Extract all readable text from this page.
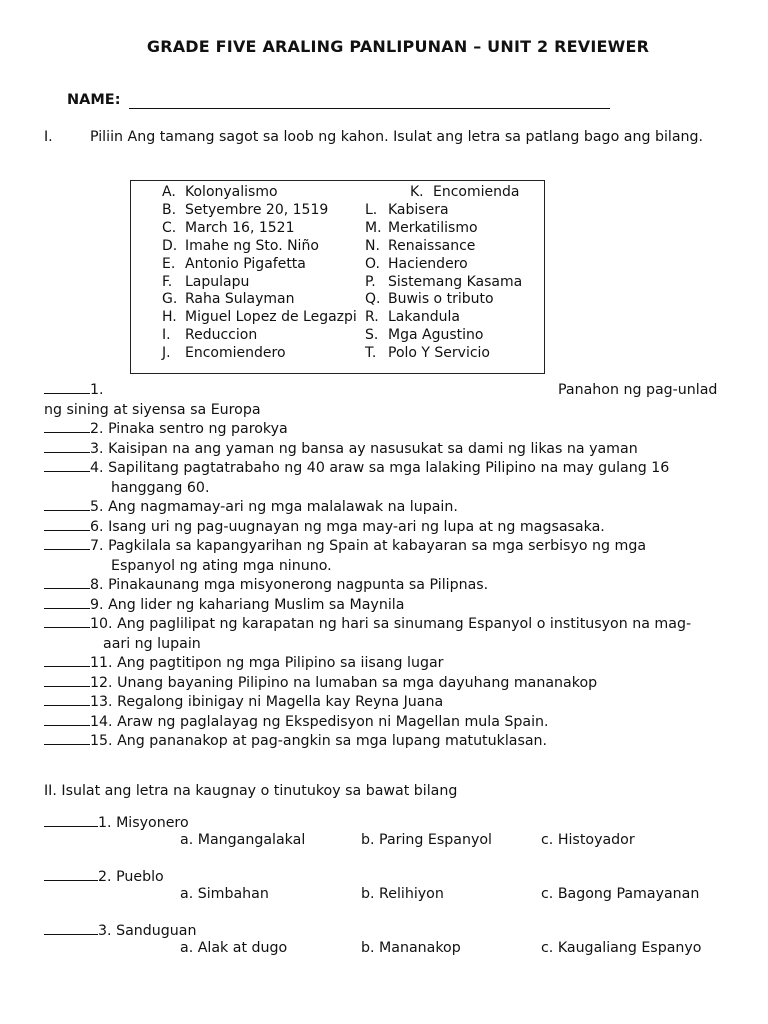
GRADE FIVE ARALING PANLIPUNAN – UNIT 2 REVIEWER
NAME:
I.	Piliin Ang tamang sagot sa loob ng kahon. Isulat ang letra sa patlang bago ang bilang.
A. Kolonyalismo
B. Setyembre 20, 1519
C. March 16, 1521
D. Imahe ng Sto. Niño
E. Antonio Pigafetta
F. Lapulapu
G. Raha Sulayman
H. Miguel Lopez de Legazpi
I. Reduccion
J. Encomiendero
K. Encomienda
L. Kabisera
M. Merkatilismo
N. Renaissance
O. Haciendero
P. Sistemang Kasama
Q. Buwis o tributo
R. Lakandula
S. Mga Agustino
T. Polo Y Servicio
1.	Panahon ng pag-unlad
ng sining at siyensa sa Europa
2. Pinaka sentro ng parokya
3. Kaisipan na ang yaman ng bansa ay nasusukat sa dami ng likas na yaman
4. Sapilitang pagtatrabaho ng 40 araw sa mga lalaking Pilipino na may gulang 16
hanggang 60.
5. Ang nagmamay-ari ng mga malalawak na lupain.
6. Isang uri ng pag-uugnayan ng mga may-ari ng lupa at ng magsasaka.
7. Pagkilala sa kapangyarihan ng Spain at kabayaran sa mga serbisyo ng mga
Espanyol ng ating mga ninuno.
8. Pinakaunang mga misyonerong nagpunta sa Pilipnas.
9. Ang lider ng kahariang Muslim sa Maynila
10. Ang paglilipat ng karapatan ng hari sa sinumang Espanyol o institusyon na mag-
aari ng lupain
11. Ang pagtitipon ng mga Pilipino sa iisang lugar
12. Unang bayaning Pilipino na lumaban sa mga dayuhang mananakop
13. Regalong ibinigay ni Magella kay Reyna Juana
14. Araw ng paglalayag ng Ekspedisyon ni Magellan mula Spain.
15. Ang pananakop at pag-angkin sa mga lupang matutuklasan.
II. Isulat ang letra na kaugnay o tinutukoy sa bawat bilang
1. Misyonero
a. Mangangalakal	b. Paring Espanyol	c. Histoyador
2. Pueblo
a. Simbahan	b. Relihiyon	c. Bagong Pamayanan
3. Sanduguan
a. Alak at dugo	b. Mananakop	c. Kaugaliang Espanyo
